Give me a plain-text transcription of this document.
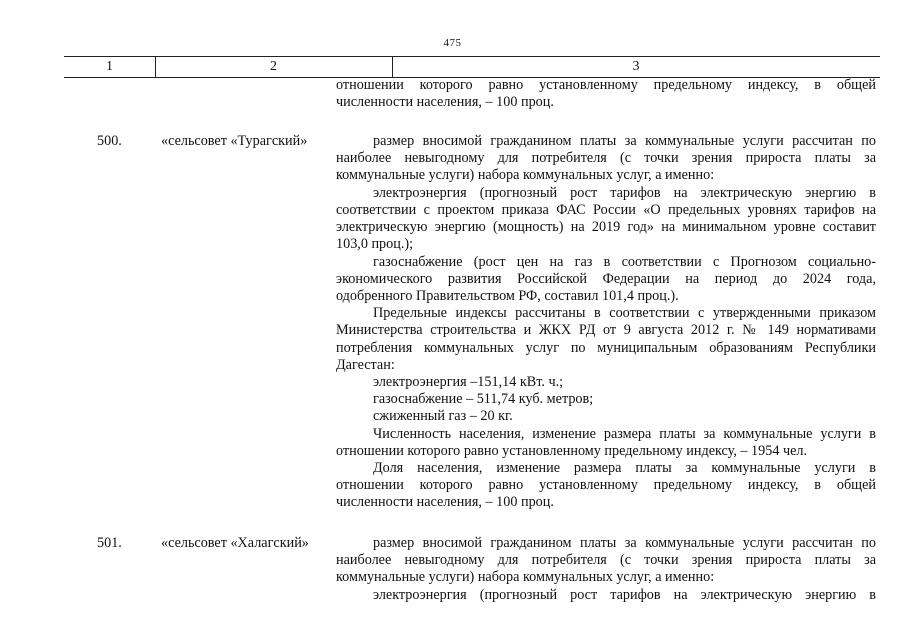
475
1	2	3
отношении которого равно установленному предельному индексу, в общей
численности населения, – 100 проц.
500.	«сельсовет «Турагский»	размер вносимой гражданином платы за коммунальные услуги рассчитан по
наиболее невыгодному для потребителя (с точки зрения прироста платы за
коммунальные услуги) набора коммунальных услуг, а именно:
электроэнергия (прогнозный рост тарифов на электрическую энергию в
соответствии с проектом приказа ФАС России «О предельных уровнях тарифов на
электрическую энергию (мощность) на 2019 год» на минимальном уровне составит
103,0 проц.);
газоснабжение (рост цен на газ в соответствии с Прогнозом социально-
экономического развития Российской Федерации на период до 2024 года,
одобренного Правительством РФ, составил 101,4 проц.).
Предельные индексы рассчитаны в соответствии с утвержденными приказом
Министерства строительства и ЖКХ РД от 9 августа 2012 г. № 149 нормативами
потребления коммунальных услуг по муниципальным образованиям Республики
Дагестан:
электроэнергия –151,14 кВт. ч.;
газоснабжение – 511,74 куб. метров;
сжиженный газ – 20 кг.
Численность населения, изменение размера платы за коммунальные услуги в
отношении которого равно установленному предельному индексу, – 1954 чел.
Доля населения, изменение размера платы за коммунальные услуги в
отношении которого равно установленному предельному индексу, в общей
численности населения, – 100 проц.
501.	«сельсовет «Халагский»	размер вносимой гражданином платы за коммунальные услуги рассчитан по
наиболее невыгодному для потребителя (с точки зрения прироста платы за
коммунальные услуги) набора коммунальных услуг, а именно:
электроэнергия (прогнозный рост тарифов на электрическую энергию в
